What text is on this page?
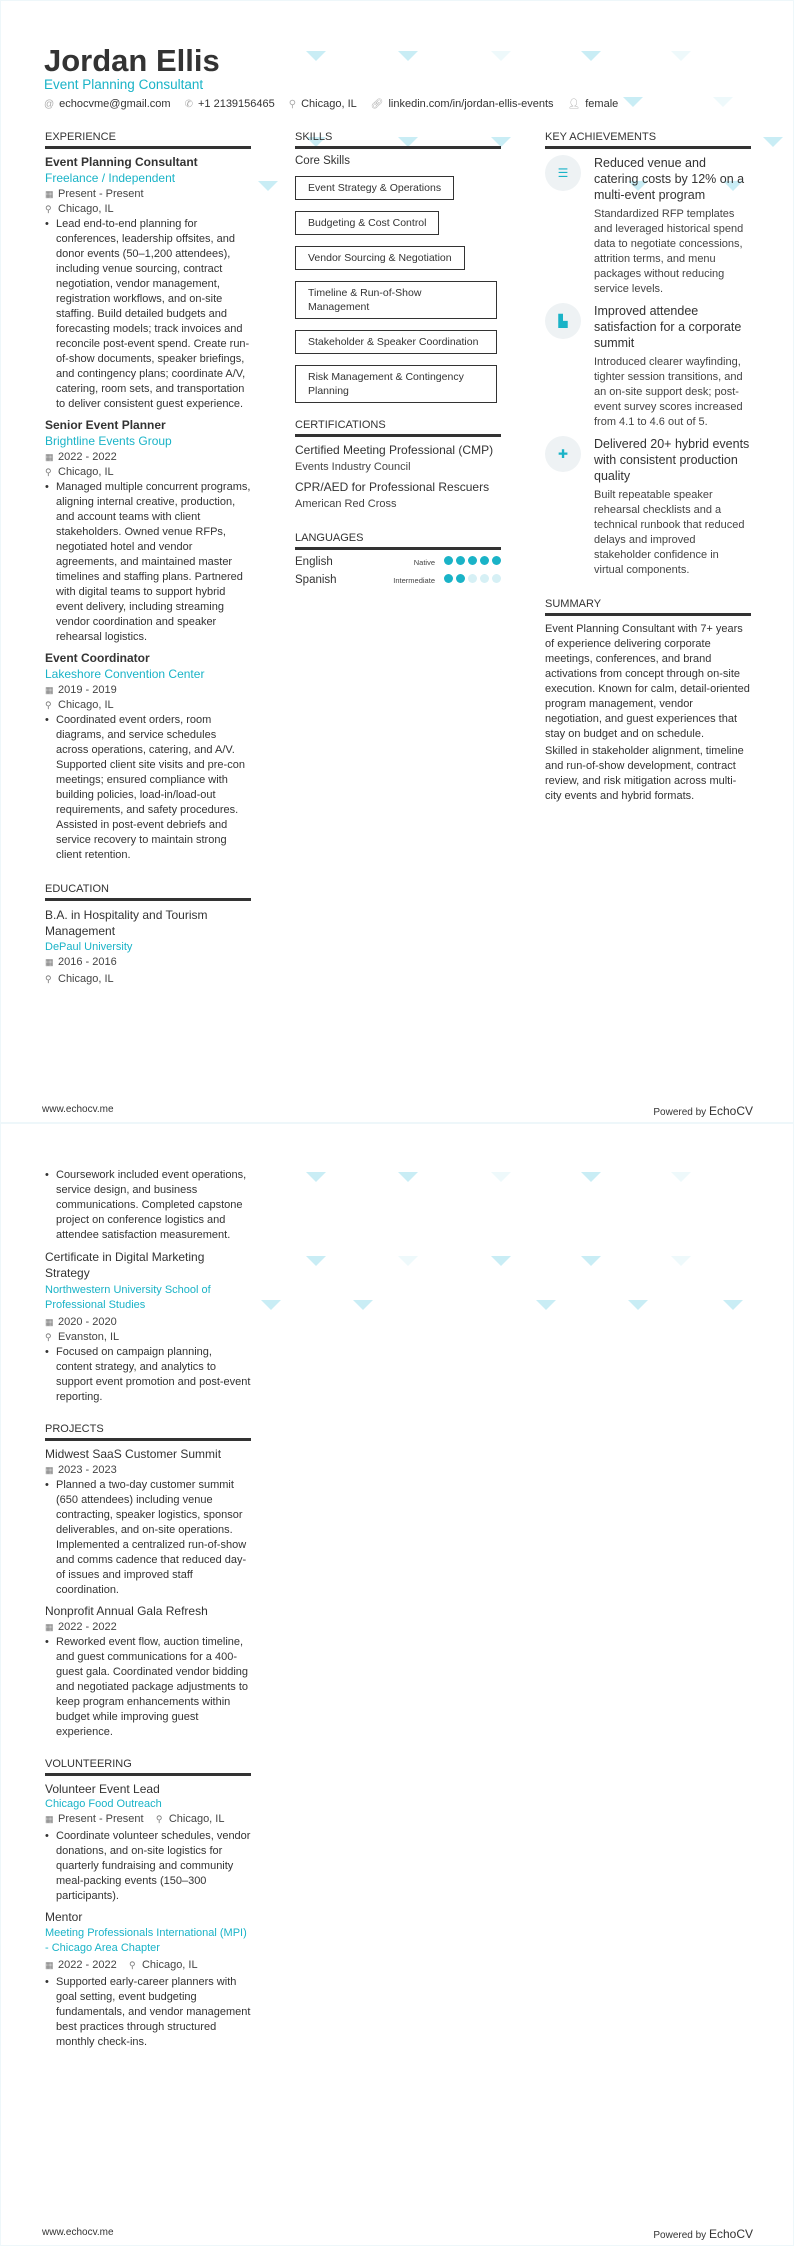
Jordan Ellis
Event Planning Consultant
@ echocvme@gmail.com ✆ +1 2139156465 ⚲ Chicago, IL 🔗︎ linkedin.com/in/jordan-ellis-events 👤︎ female
EXPERIENCE
Event Planning Consultant
Freelance / Independent
▦ Present - Present
⚲ Chicago, IL
• Lead end-to-end planning for conferences, leadership offsites, and donor events (50–1,200 attendees), including venue sourcing, contract negotiation, vendor management, registration workflows, and on-site staffing. Build detailed budgets and forecasting models; track invoices and reconcile post-event spend. Create run-of-show documents, speaker briefings, and contingency plans; coordinate A/V, catering, room sets, and transportation to deliver consistent guest experience.
Senior Event Planner
Brightline Events Group
▦ 2022 - 2022
⚲ Chicago, IL
• Managed multiple concurrent programs, aligning internal creative, production, and account teams with client stakeholders. Owned venue RFPs, negotiated hotel and vendor agreements, and maintained master timelines and staffing plans. Partnered with digital teams to support hybrid event delivery, including streaming vendor coordination and speaker rehearsal logistics.
Event Coordinator
Lakeshore Convention Center
▦ 2019 - 2019
⚲ Chicago, IL
• Coordinated event orders, room diagrams, and service schedules across operations, catering, and A/V. Supported client site visits and pre-con meetings; ensured compliance with building policies, load-in/load-out requirements, and safety procedures. Assisted in post-event debriefs and service recovery to maintain strong client retention.
EDUCATION
B.A. in Hospitality and Tourism Management
DePaul University
▦ 2016 - 2016
⚲ Chicago, IL
SKILLS
Core Skills
Event Strategy & Operations
Budgeting & Cost Control
Vendor Sourcing & Negotiation
Timeline & Run-of-Show Management
Stakeholder & Speaker Coordination
Risk Management & Contingency Planning
CERTIFICATIONS
Certified Meeting Professional (CMP)
Events Industry Council
CPR/AED for Professional Rescuers
American Red Cross
LANGUAGES
English	Native
Spanish	Intermediate
KEY ACHIEVEMENTS
☰
Reduced venue and catering costs by 12% on a multi-event program
Standardized RFP templates and leveraged historical spend data to negotiate concessions, attrition terms, and menu packages without reducing service levels.
▙
Improved attendee satisfaction for a corporate summit
Introduced clearer wayfinding, tighter session transitions, and an on-site support desk; post-event survey scores increased from 4.1 to 4.6 out of 5.
✚
Delivered 20+ hybrid events with consistent production quality
Built repeatable speaker rehearsal checklists and a technical runbook that reduced delays and improved stakeholder confidence in virtual components.
SUMMARY

Event Planning Consultant with 7+ years of experience delivering corporate meetings, conferences, and brand activations from concept through on-site execution. Known for calm, detail-oriented program management, vendor negotiation, and guest experiences that stay on budget and on schedule.

Skilled in stakeholder alignment, timeline and run-of-show development, contract review, and risk mitigation across multi-city events and hybrid formats.

www.echocv.me	Powered by EchoCV
• Coursework included event operations, service design, and business communications. Completed capstone project on conference logistics and attendee satisfaction measurement.
Certificate in Digital Marketing Strategy
Northwestern University School of Professional Studies
▦ 2020 - 2020
⚲ Evanston, IL
• Focused on campaign planning, content strategy, and analytics to support event promotion and post-event reporting.
PROJECTS
Midwest SaaS Customer Summit
▦ 2023 - 2023
• Planned a two-day customer summit (650 attendees) including venue contracting, speaker logistics, sponsor deliverables, and on-site operations. Implemented a centralized run-of-show and comms cadence that reduced day-of issues and improved staff coordination.
Nonprofit Annual Gala Refresh
▦ 2022 - 2022
• Reworked event flow, auction timeline, and guest communications for a 400-guest gala. Coordinated vendor bidding and negotiated package adjustments to keep program enhancements within budget while improving guest experience.
VOLUNTEERING
Volunteer Event Lead
Chicago Food Outreach
▦ Present - Present ⚲ Chicago, IL
• Coordinate volunteer schedules, vendor donations, and on-site logistics for quarterly fundraising and community meal-packing events (150–300 participants).
Mentor
Meeting Professionals International (MPI) - Chicago Area Chapter
▦ 2022 - 2022 ⚲ Chicago, IL
• Supported early-career planners with goal setting, event budgeting fundamentals, and vendor management best practices through structured monthly check-ins.
www.echocv.me	Powered by EchoCV
